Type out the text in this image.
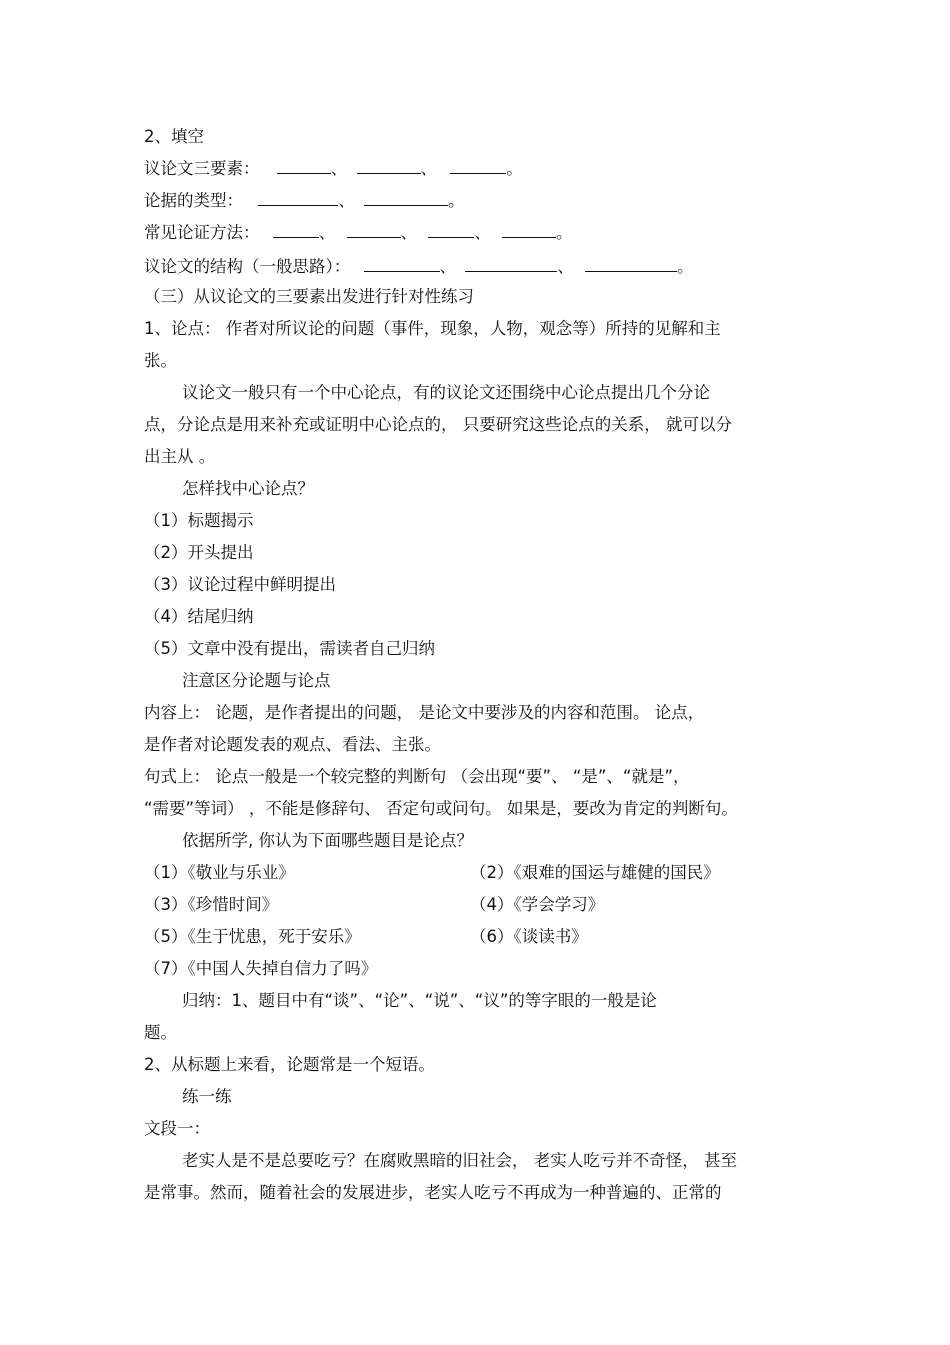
2、填空
议论文三要素：	、	、	。
论据的类型：	、	。
常见论证方法：	、	、	、	。
议论文的结构（一般思路）：	、	、	。
（三）从议论文的三要素出发进行针对性练习
1、论点： 作者对所议论的问题（事件，现象，人物，观念等）所持的见解和主
张。
议论文一般只有一个中心论点，有的议论文还围绕中心论点提出几个分论
点，分论点是用来补充或证明中心论点的， 只要研究这些论点的关系， 就可以分
出主从 。
怎样找中心论点？
（1）标题揭示
（2）开头提出
（3）议论过程中鲜明提出
（4）结尾归纳
（5）文章中没有提出，需读者自己归纳
注意区分论题与论点
内容上： 论题，是作者提出的问题， 是论文中要涉及的内容和范围。 论点，
是作者对论题发表的观点、看法、主张。
句式上： 论点一般是一个较完整的判断句 （会出现“要”、 “是”、“就是”，
“需要”等词） ，不能是修辞句、 否定句或问句。 如果是，要改为肯定的判断句。
依据所学, 你认为下面哪些题目是论点？
（1）《敬业与乐业》	（2）《艰难的国运与雄健的国民》
（3）《珍惜时间》	（4）《学会学习》
（5）《生于忧患，死于安乐》	（6）《谈读书》
（7）《中国人失掉自信力了吗》
归纳：1、题目中有“谈”、“论”、“说”、“议”的等字眼的一般是论
题。
2、从标题上来看，论题常是一个短语。
练一练
文段一：
老实人是不是总要吃亏？在腐败黑暗的旧社会， 老实人吃亏并不奇怪， 甚至
是常事。然而，随着社会的发展进步，老实人吃亏不再成为一种普遍的、正常的
